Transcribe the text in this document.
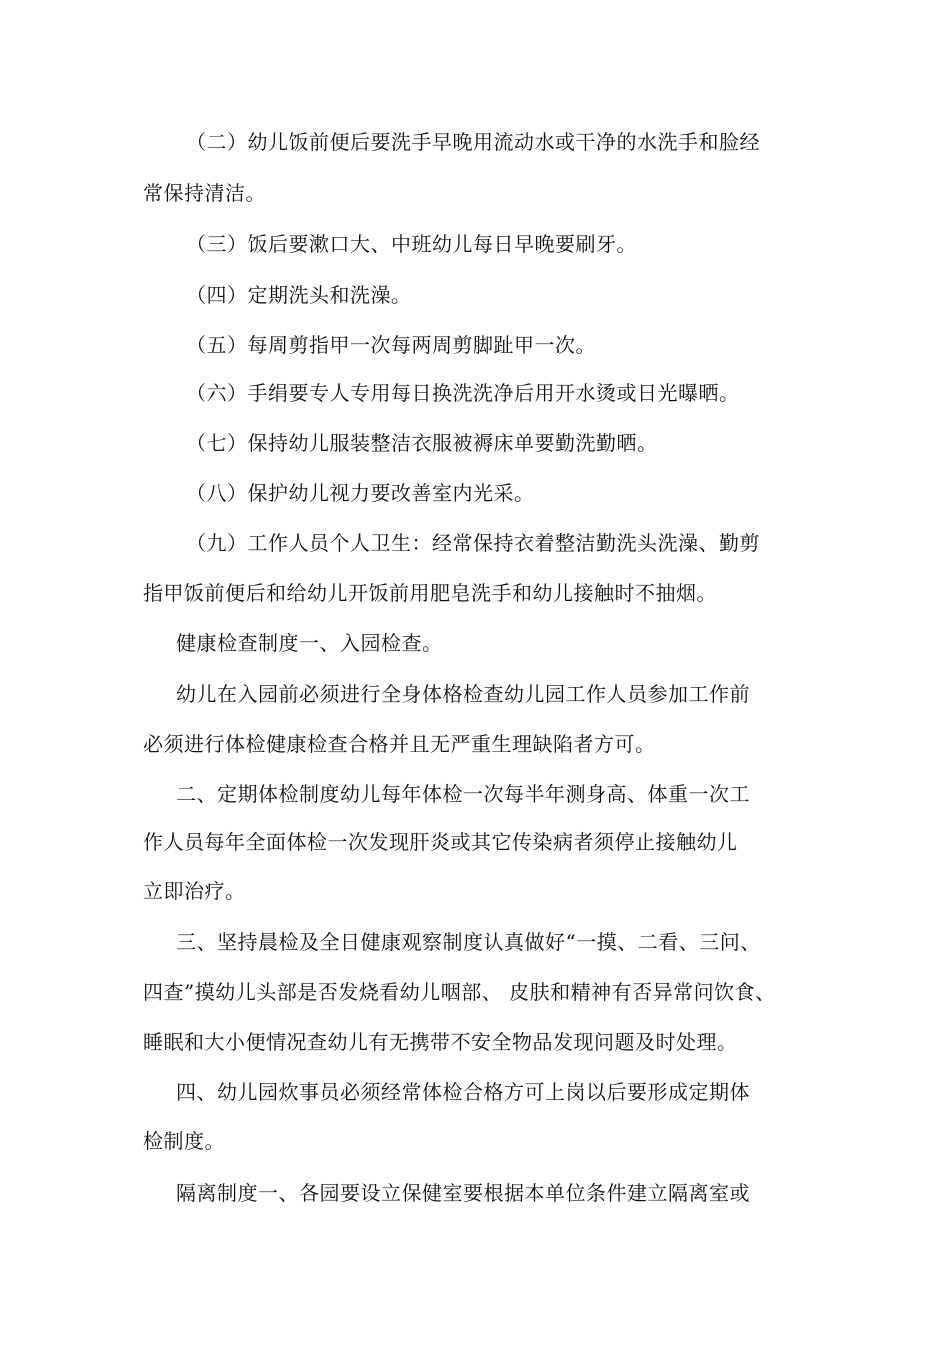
（二）幼儿饭前便后要洗手早晚用流动水或干净的水洗手和脸经
常保持清洁。
（三）饭后要漱口大、中班幼儿每日早晚要刷牙。
（四）定期洗头和洗澡。
（五）每周剪指甲一次每两周剪脚趾甲一次。
（六）手绢要专人专用每日换洗洗净后用开水烫或日光曝晒。
（七）保持幼儿服装整洁衣服被褥床单要勤洗勤晒。
（八）保护幼儿视力要改善室内光采。
（九）工作人员个人卫生：经常保持衣着整洁勤洗头洗澡、勤剪
指甲饭前便后和给幼儿开饭前用肥皂洗手和幼儿接触时不抽烟。
健康检查制度一、入园检查。
幼儿在入园前必须进行全身体格检查幼儿园工作人员参加工作前
必须进行体检健康检查合格并且无严重生理缺陷者方可。
二、定期体检制度幼儿每年体检一次每半年测身高、体重一次工
作人员每年全面体检一次发现肝炎或其它传染病者须停止接触幼儿
立即治疗。
三、坚持晨检及全日健康观察制度认真做好“一摸、二看、三问、
四查”摸幼儿头部是否发烧看幼儿咽部、 皮肤和精神有否异常问饮食、
睡眠和大小便情况查幼儿有无携带不安全物品发现问题及时处理。
四、幼儿园炊事员必须经常体检合格方可上岗以后要形成定期体
检制度。
隔离制度一、各园要设立保健室要根据本单位条件建立隔离室或
